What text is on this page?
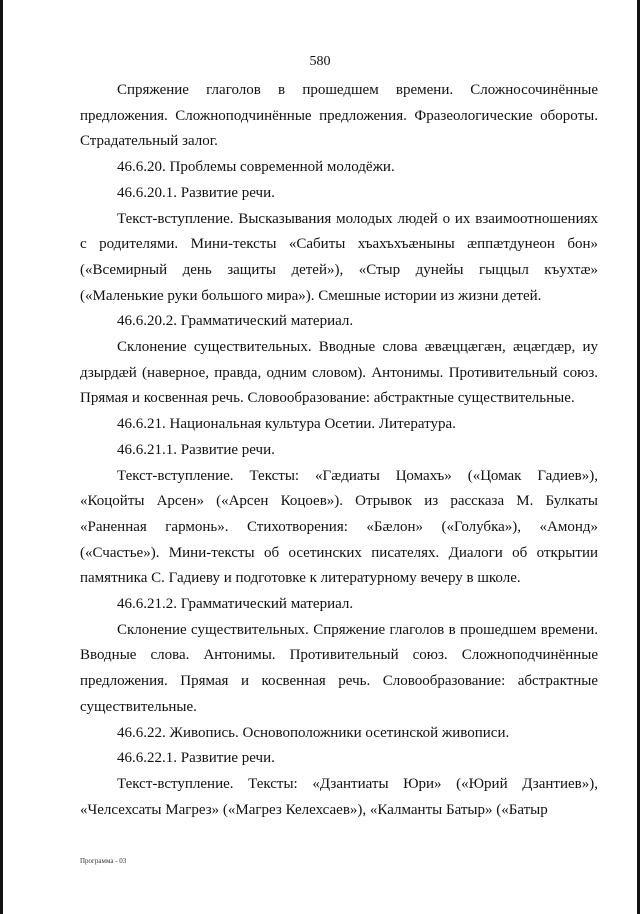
580

Спряжение глаголов в прошедшем времени. Сложносочинённые предложения. Сложноподчинённые предложения. Фразеологические обороты. Страдательный залог.

46.6.20. Проблемы современной молодёжи.

46.6.20.1. Развитие речи.

Текст-вступление. Высказывания молодых людей о их взаимоотношениях с родителями. Мини-тексты «Сабиты хъахъхъæныны æппæтдунеон бон» («Всемирный день защиты детей»), «Стыр дунейы гыццыл къухтæ» («Маленькие руки большого мира»). Смешные истории из жизни детей.

46.6.20.2. Грамматический материал.

Склонение существительных. Вводные слова æвæццæгæн, æцæгдæр, иу дзырдæй (наверное, правда, одним словом). Антонимы. Противительный союз. Прямая и косвенная речь. Словообразование: абстрактные существительные.

46.6.21. Национальная культура Осетии. Литература.

46.6.21.1. Развитие речи.

Текст-вступление. Тексты: «Гæдиаты Цомахъ» («Цомак Гадиев»), «Коцойты Арсен» («Арсен Коцоев»). Отрывок из рассказа М. Булкаты «Раненная гармонь». Стихотворения: «Бæлон» («Голубка»), «Амонд» («Счастье»). Мини-тексты об осетинских писателях. Диалоги об открытии памятника С. Гадиеву и подготовке к литературному вечеру в школе.

46.6.21.2. Грамматический материал.

Склонение существительных. Спряжение глаголов в прошедшем времени. Вводные слова. Антонимы. Противительный союз. Сложноподчинённые предложения. Прямая и косвенная речь. Словообразование: абстрактные существительные.

46.6.22. Живопись. Основоположники осетинской живописи.

46.6.22.1. Развитие речи.

Текст-вступление. Тексты: «Дзантиаты Юри» («Юрий Дзантиев»), «Челсехсаты Магрез» («Магрез Келехсаев»), «Калманты Батыр» («Батыр

Программа - 03
